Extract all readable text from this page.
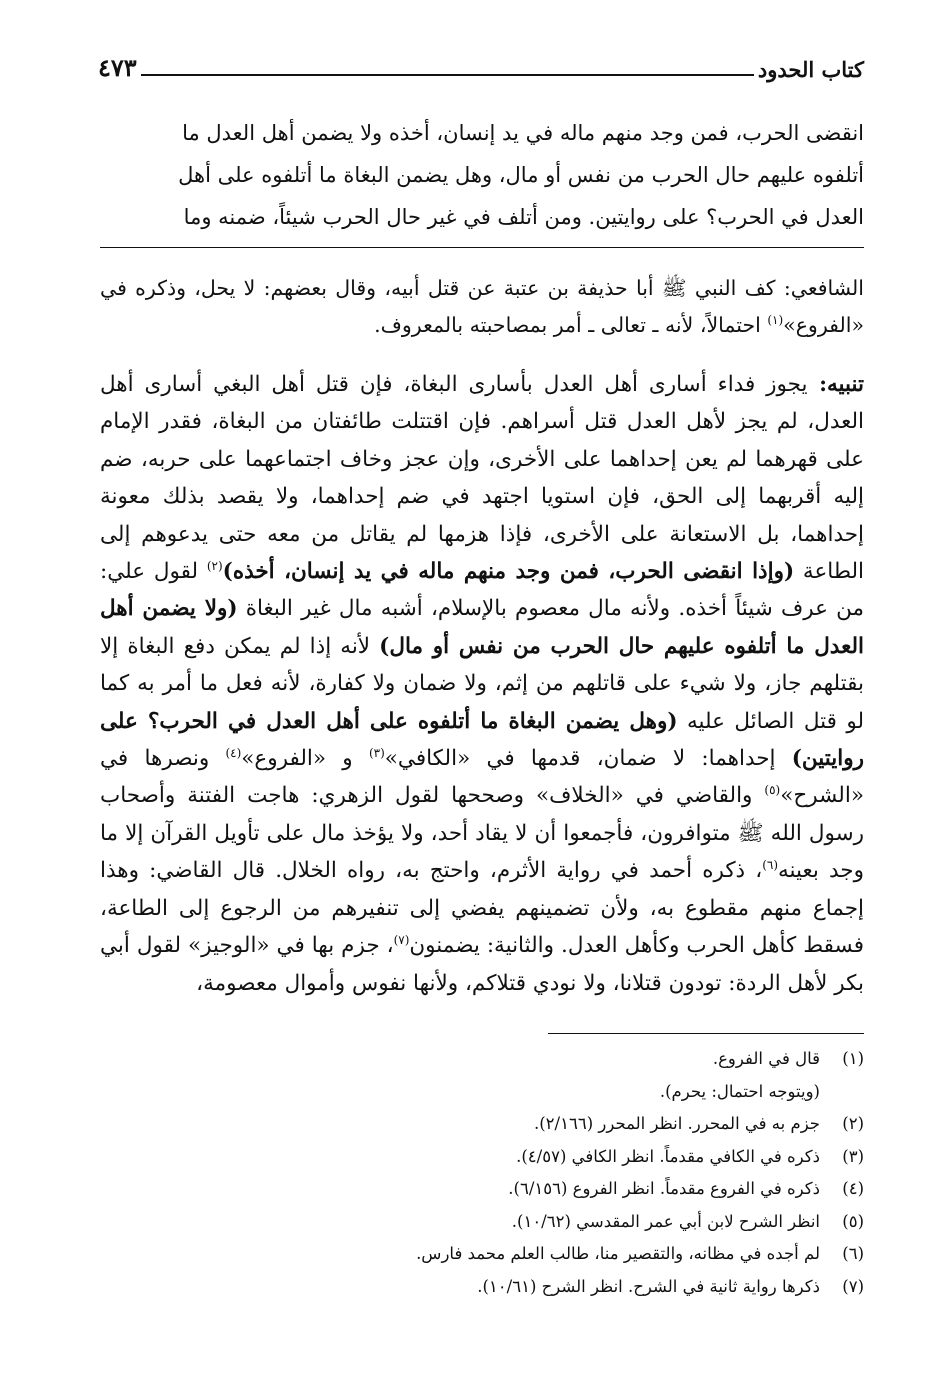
كتاب الحدود
٤٧٣
انقضى الحرب، فمن وجد منهم ماله في يد إنسان، أخذه ولا يضمن أهل العدل ما
أتلفوه عليهم حال الحرب من نفس أو مال، وهل يضمن البغاة ما أتلفوه على أهل
العدل في الحرب؟ على روايتين. ومن أتلف في غير حال الحرب شيئاً، ضمنه وما
الشافعي: كف النبي ﷺ أبا حذيفة بن عتبة عن قتل أبيه، وقال بعضهم: لا يحل، وذكره في «الفروع»$^{(١)}$ احتمالاً، لأنه ـ تعالى ـ أمر بمصاحبته بالمعروف.
تنبيه: يجوز فداء أسارى أهل العدل بأسارى البغاة، فإن قتل أهل البغي أسارى أهل العدل، لم يجز لأهل العدل قتل أسراهم. فإن اقتتلت طائفتان من البغاة، فقدر الإمام على قهرهما لم يعن إحداهما على الأخرى، وإن عجز وخاف اجتماعهما على حربه، ضم إليه أقربهما إلى الحق، فإن استويا اجتهد في ضم إحداهما، ولا يقصد بذلك معونة إحداهما، بل الاستعانة على الأخرى، فإذا هزمها لم يقاتل من معه حتى يدعوهم إلى الطاعة (وإذا انقضى الحرب، فمن وجد منهم ماله في يد إنسان، أخذه)$^{(٢)}$ لقول علي: من عرف شيئاً أخذه. ولأنه مال معصوم بالإسلام، أشبه مال غير البغاة (ولا يضمن أهل العدل ما أتلفوه عليهم حال الحرب من نفس أو مال) لأنه إذا لم يمكن دفع البغاة إلا بقتلهم جاز، ولا شيء على قاتلهم من إثم، ولا ضمان ولا كفارة، لأنه فعل ما أمر به كما لو قتل الصائل عليه (وهل يضمن البغاة ما أتلفوه على أهل العدل في الحرب؟ على روايتين) إحداهما: لا ضمان، قدمها في «الكافي»$^{(٣)}$ و «الفروع»$^{(٤)}$ ونصرها في «الشرح»$^{(٥)}$ والقاضي في «الخلاف» وصححها لقول الزهري: هاجت الفتنة وأصحاب رسول الله ﷺ متوافرون، فأجمعوا أن لا يقاد أحد، ولا يؤخذ مال على تأويل القرآن إلا ما وجد بعينه$^{(٦)}$، ذكره أحمد في رواية الأثرم، واحتج به، رواه الخلال. قال القاضي: وهذا إجماع منهم مقطوع به، ولأن تضمينهم يفضي إلى تنفيرهم من الرجوع إلى الطاعة، فسقط كأهل الحرب وكأهل العدل. والثانية: يضمنون$^{(٧)}$، جزم بها في «الوجيز» لقول أبي بكر لأهل الردة: تودون قتلانا، ولا نودي قتلاكم، ولأنها نفوس وأموال معصومة،
(١)
قال في الفروع.
(ويتوجه احتمال: يحرم).
(٢)
جزم به في المحرر. انظر المحرر (٢/١٦٦).
(٣)
ذكره في الكافي مقدماً. انظر الكافي (٤/٥٧).
(٤)
ذكره في الفروع مقدماً. انظر الفروع (٦/١٥٦).
(٥)
انظر الشرح لابن أبي عمر المقدسي (١٠/٦٢).
(٦)
لم أجده في مظانه، والتقصير منا، طالب العلم محمد فارس.
(٧)
ذكرها رواية ثانية في الشرح. انظر الشرح (١٠/٦١).
